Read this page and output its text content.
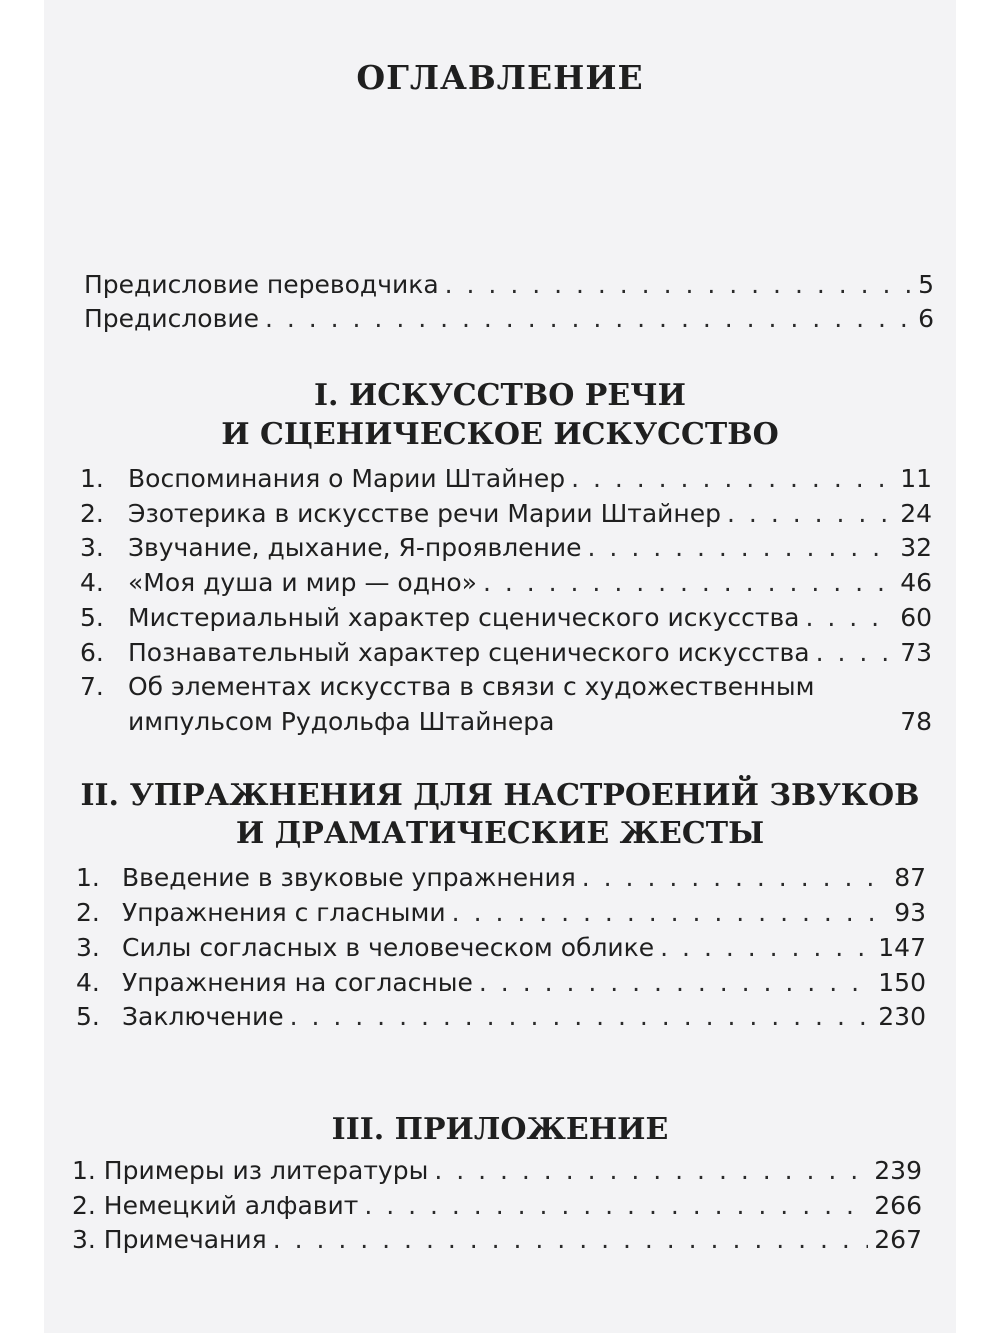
ОГЛАВЛЕНИЕ
Предисловие переводчика . . .	5
Предисловие . . .	6
I. ИСКУССТВО РЕЧИ
И СЦЕНИЧЕСКОЕ ИСКУССТВО
1. Воспоминания о Марии Штайнер . . .	11
2. Эзотерика в искусстве речи Марии Штайнер . . .	24
3. Звучание, дыхание, Я-проявление . . .	32
4. «Моя душа и мир — одно» . . .	46
5. Мистериальный характер сценического искусства . . .	60
6. Познавательный характер сценического искусства . . .	73
7. Об элементах искусства в связи с художественным
импульсом Рудольфа Штайнера	78
II. УПРАЖНЕНИЯ ДЛЯ НАСТРОЕНИЙ ЗВУКОВ
И ДРАМАТИЧЕСКИЕ ЖЕСТЫ
1. Введение в звуковые упражнения . . .	87
2. Упражнения с гласными . . .	93
3. Силы согласных в человеческом облике . . .	147
4. Упражнения на согласные . . .	150
5. Заключение . . .	230
III. ПРИЛОЖЕНИЕ
1. Примеры из литературы . . .	239
2. Немецкий алфавит . . .	266
3. Примечания . . .	267
